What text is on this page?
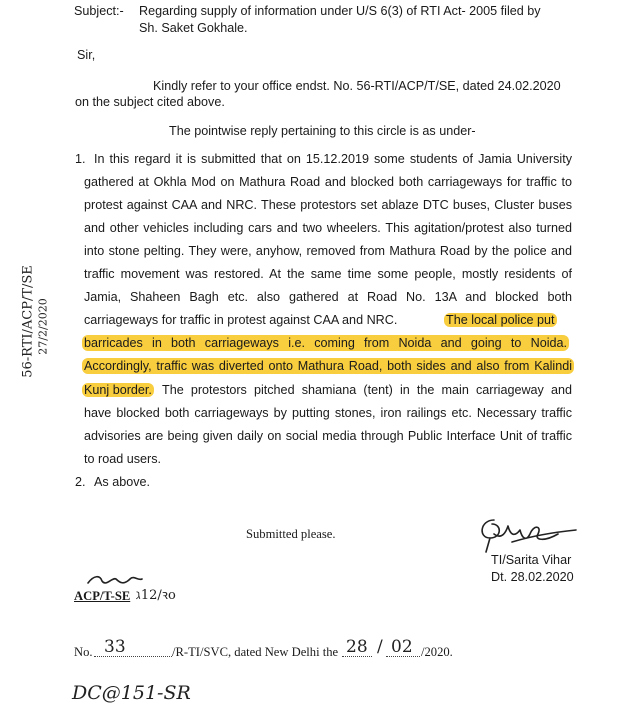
Subject:- Regarding supply of information under U/S 6(3) of RTI Act- 2005 filed by
Sh. Saket Gokhale.
Sir,
Kindly refer to your office endst. No. 56-RTI/ACP/T/SE, dated 24.02.2020
on the subject cited above.
The pointwise reply pertaining to this circle is as under-
1. In this regard it is submitted that on 15.12.2019 some students of Jamia University
gathered at Okhla Mod on Mathura Road and blocked both carriageways for traffic to
protest against CAA and NRC. These protestors set ablaze DTC buses, Cluster buses
and other vehicles including cars and two wheelers. This agitation/protest also turned
into stone pelting. They were, anyhow, removed from Mathura Road by the police and
traffic movement was restored. At the same time some people, mostly residents of
Jamia, Shaheen Bagh etc. also gathered at Road No. 13A and blocked both
carriageways for traffic in protest against CAA and NRC.	The local police put
barricades in both carriageways i.e. coming from Noida and going to Noida.
Accordingly, traffic was diverted onto Mathura Road, both sides and also from Kalindi
Kunj border. The protestors pitched shamiana (tent) in the main carriageway and
have blocked both carriageways by putting stones, iron railings etc. Necessary traffic
advisories are being given daily on social media through Public Interface Unit of traffic
to road users.
2. As above.
Submitted please.
TI/Sarita Vihar
Dt. 28.02.2020
ACP/T-SE ℷ12/ꝛo
No. 33	/R-TI/SVC, dated New Delhi the 28 / 02 /2020.
DC@151-SR
56-RTI/ACP/T/SE 27/2/2020
